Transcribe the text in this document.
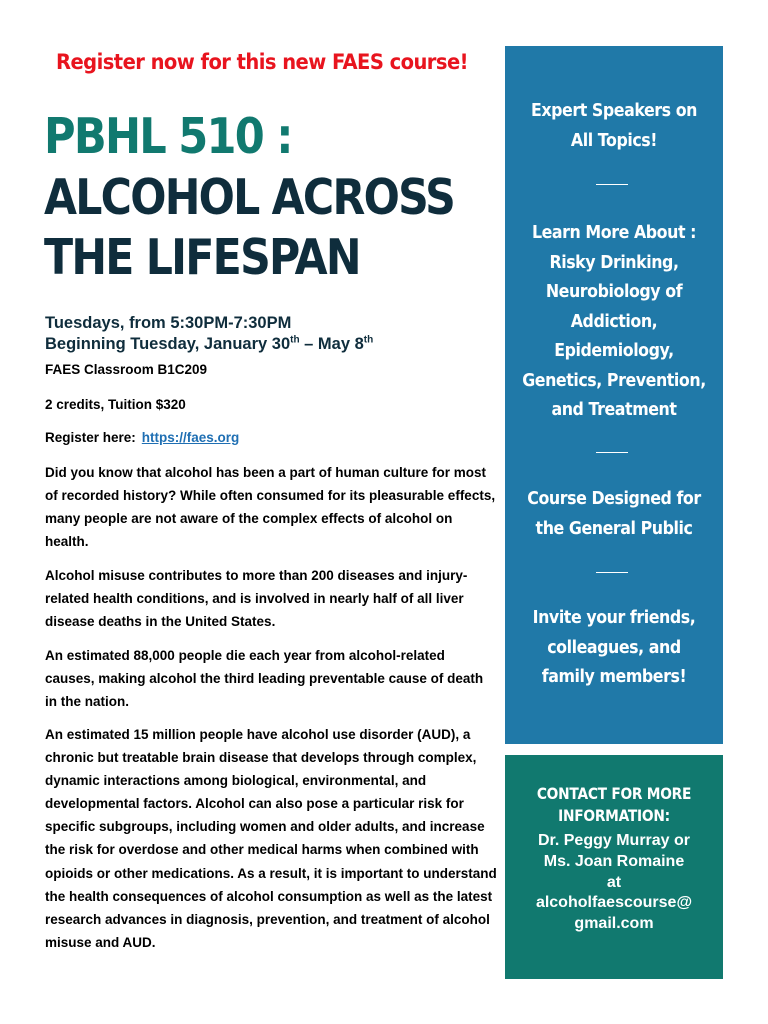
Register now for this new FAES course!
PBHL 510 :
ALCOHOL ACROSS
THE LIFESPAN
Tuesdays, from 5:30PM-7:30PM
Beginning Tuesday, January 30th – May 8th
FAES Classroom B1C209
2 credits, Tuition $320
Register here: https://faes.org

Did you know that alcohol has been a part of human culture for most of recorded history? While often consumed for its pleasurable effects, many people are not aware of the complex effects of alcohol on health.

Alcohol misuse contributes to more than 200 diseases and injury-related health conditions, and is involved in nearly half of all liver disease deaths in the United States.

An estimated 88,000 people die each year from alcohol-related causes, making alcohol the third leading preventable cause of death in the nation.

An estimated 15 million people have alcohol use disorder (AUD), a chronic but treatable brain disease that develops through complex, dynamic interactions among biological, environmental, and developmental factors. Alcohol can also pose a particular risk for specific subgroups, including women and older adults, and increase the risk for overdose and other medical harms when combined with opioids or other medications. As a result, it is important to understand the health consequences of alcohol consumption as well as the latest research advances in diagnosis, prevention, and treatment of alcohol misuse and AUD.

Expert Speakers on
All Topics!
Learn More About :
Risky Drinking,
Neurobiology of
Addiction,
Epidemiology,
Genetics, Prevention,
and Treatment
Course Designed for
the General Public
Invite your friends,
colleagues, and
family members!
CONTACT FOR MORE
INFORMATION:
Dr. Peggy Murray or
Ms. Joan Romaine
at
alcoholfaescourse@
gmail.com
